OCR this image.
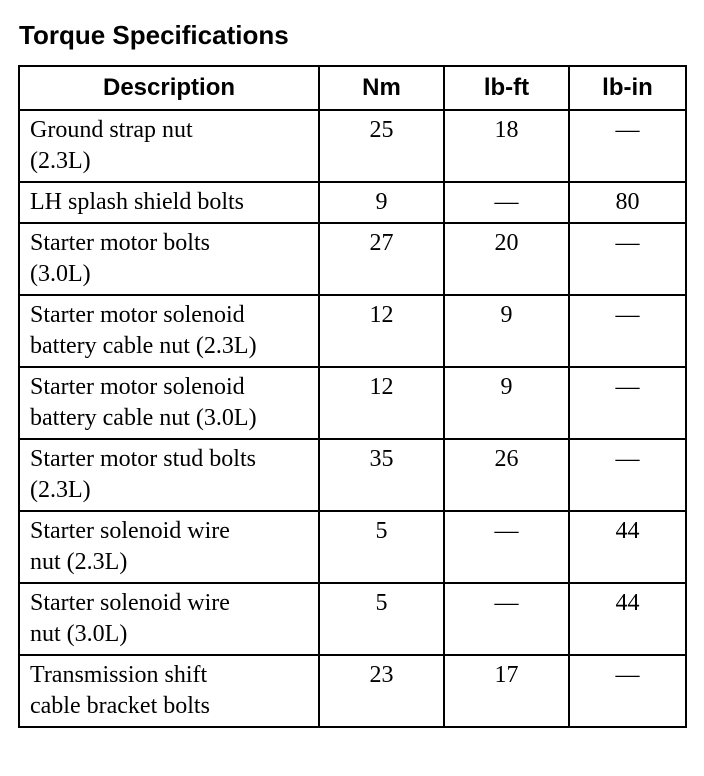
Torque Specifications
Description	Nm	lb-ft	lb-in
Ground strap nut
(2.3L)	25	18	—
LH splash shield bolts	9	—	80
Starter motor bolts
(3.0L)	27	20	—
Starter motor solenoid
battery cable nut (2.3L)	12	9	—
Starter motor solenoid
battery cable nut (3.0L)	12	9	—
Starter motor stud bolts
(2.3L)	35	26	—
Starter solenoid wire
nut (2.3L)	5	—	44
Starter solenoid wire
nut (3.0L)	5	—	44
Transmission shift
cable bracket bolts	23	17	—
